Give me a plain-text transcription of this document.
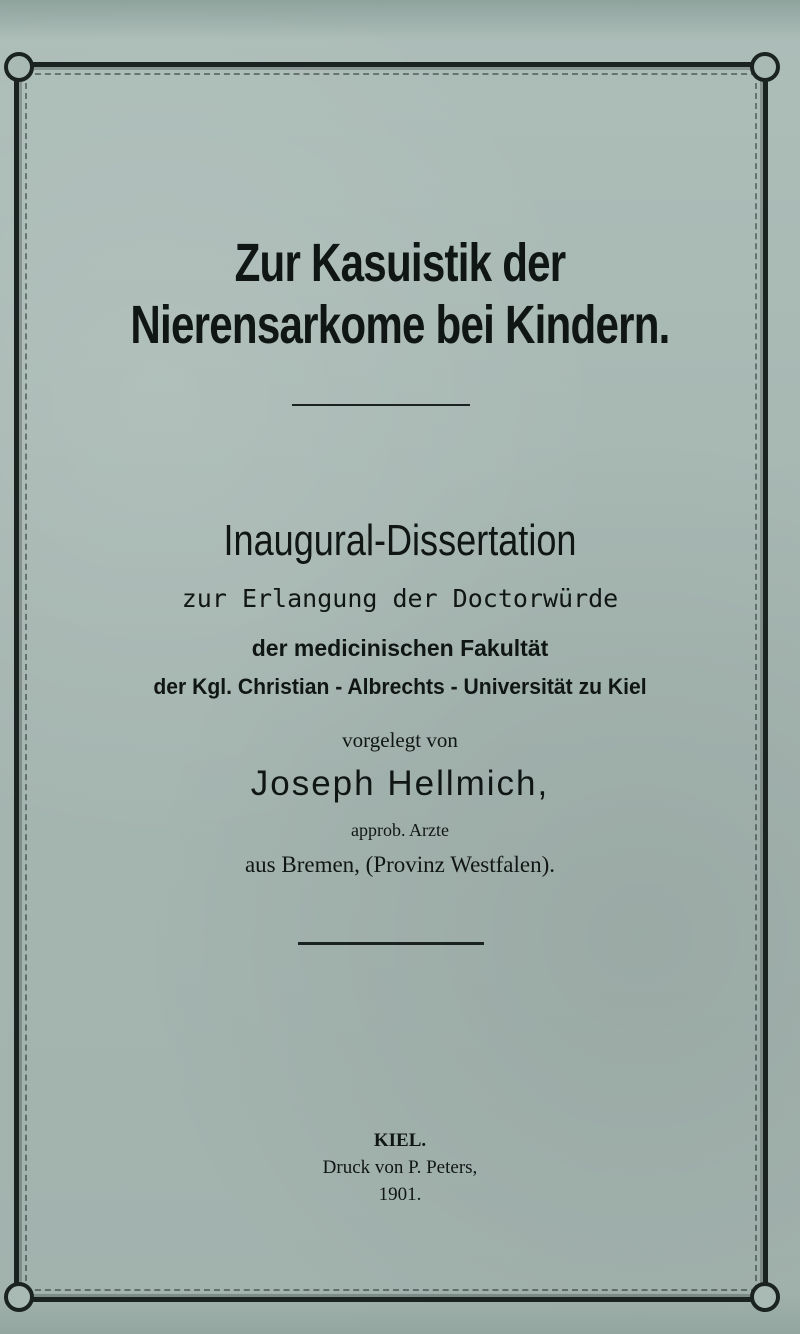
Zur Kasuistik der Nierensarkome bei Kindern.
Inaugural-Dissertation
zur Erlangung der Doctorwürde
der medicinischen Fakultät
der Kgl. Christian - Albrechts - Universität zu Kiel
vorgelegt von
Joseph Hellmich,
approb. Arzte
aus Bremen, (Provinz Westfalen).
KIEL.
Druck von P. Peters,
1901.
